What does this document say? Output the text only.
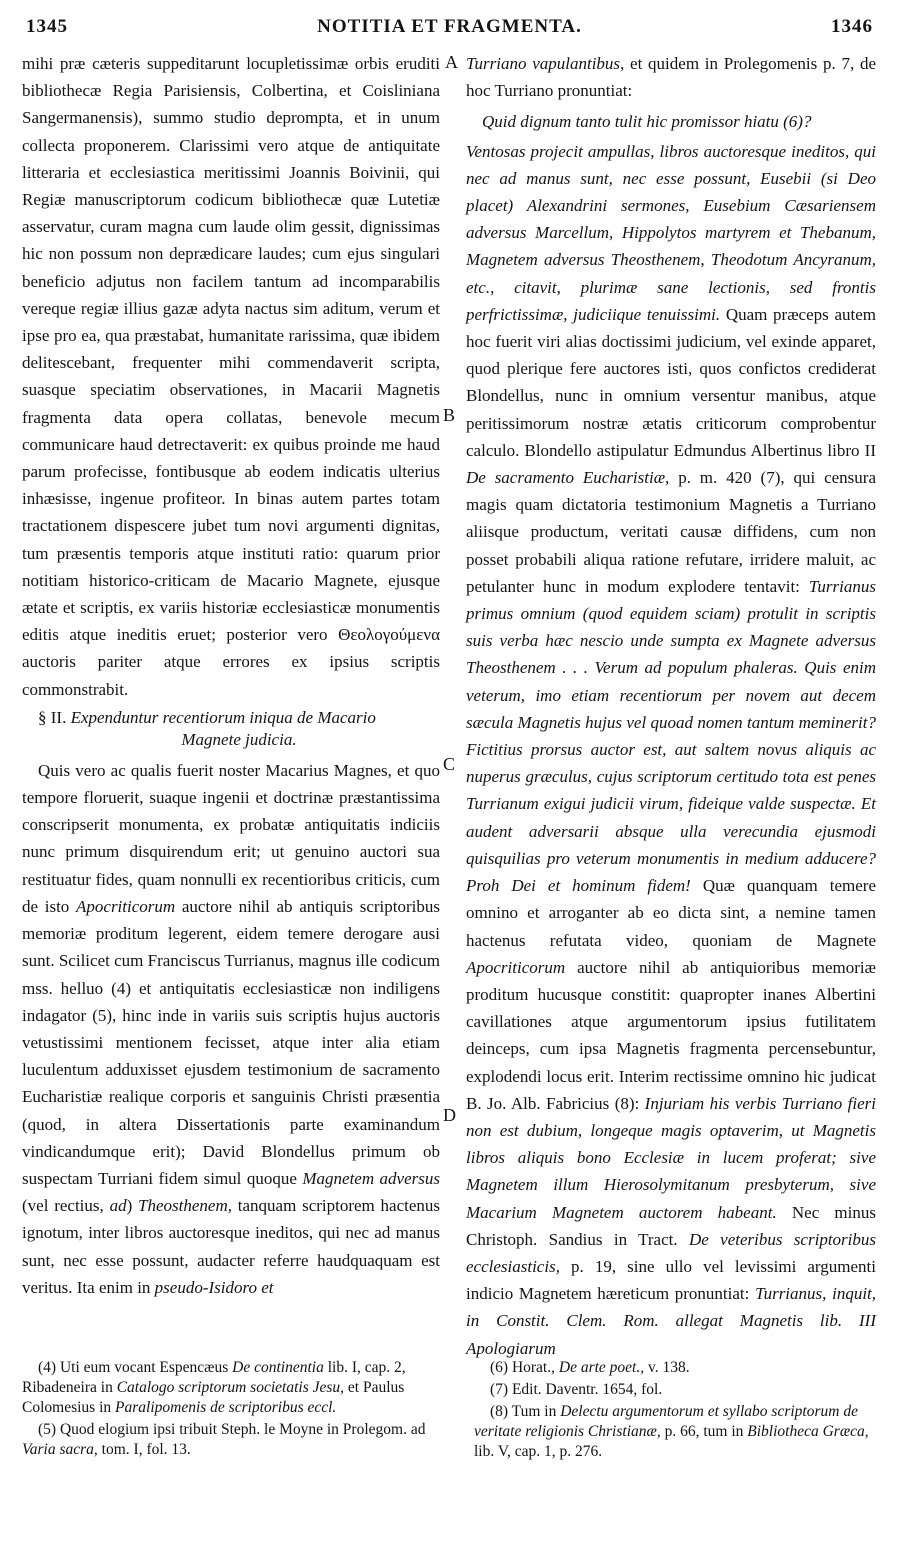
1345	NOTITIA ET FRAGMENTA.	1346
A
B
C
D

mihi præ cæteris suppeditarunt locupletissimæ orbis eruditi bibliothecæ Regia Parisiensis, Colbertina, et Coisliniana Sangermanensis), summo studio deprompta, et in unum collecta proponerem. Clarissimi vero atque de antiquitate litteraria et ecclesiastica meritissimi Joannis Boivinii, qui Regiæ manuscriptorum codicum bibliothecæ quæ Lutetiæ asservatur, curam magna cum laude olim gessit, dignissimas hic non possum non deprædicare laudes; cum ejus singulari beneficio adjutus non facilem tantum ad incomparabilis vereque regiæ illius gazæ adyta nactus sim aditum, verum et ipse pro ea, qua præstabat, humanitate rarissima, quæ ibidem delitescebant, frequenter mihi commendaverit scripta, suasque speciatim observationes, in Macarii Magnetis fragmenta data opera collatas, benevole mecum communicare haud detrectaverit: ex quibus proinde me haud parum profecisse, fontibusque ab eodem indicatis ulterius inhæsisse, ingenue profiteor. In binas autem partes totam tractationem dispescere jubet tum novi argumenti dignitas, tum præsentis temporis atque instituti ratio: quarum prior notitiam historico-criticam de Macario Magnete, ejusque ætate et scriptis, ex variis historiæ ecclesiasticæ monumentis editis atque ineditis eruet; posterior vero Θεολογούμενα auctoris pariter atque errores ex ipsius scriptis commonstrabit.

§ II. Expenduntur recentiorum iniqua de Macario
Magnete judicia.

Quis vero ac qualis fuerit noster Macarius Magnes, et quo tempore floruerit, suaque ingenii et doctrinæ præstantissima conscripserit monumenta, ex probatæ antiquitatis indiciis nunc primum disquirendum erit; ut genuino auctori sua restituatur fides, quam nonnulli ex recentioribus criticis, cum de isto Apocriticorum auctore nihil ab antiquis scriptoribus memoriæ proditum legerent, eidem temere derogare ausi sunt. Scilicet cum Franciscus Turrianus, magnus ille codicum mss. helluo (4) et antiquitatis ecclesiasticæ non indiligens indagator (5), hinc inde in variis suis scriptis hujus auctoris vetustissimi mentionem fecisset, atque inter alia etiam luculentum adduxisset ejusdem testimonium de sacramento Eucharistiæ realique corporis et sanguinis Christi præsentia (quod, in altera Dissertationis parte examinandum vindicandumque erit); David Blondellus primum ob suspectam Turriani fidem simul quoque Magnetem adversus (vel rectius, ad) Theosthenem, tanquam scriptorem hactenus ignotum, inter libros auctoresque ineditos, qui nec ad manus sunt, nec esse possunt, audacter referre haudquaquam est veritus. Ita enim in pseudo-Isidoro et

Turriano vapulantibus, et quidem in Prolegomenis p. 7, de hoc Turriano pronuntiat:

Quid dignum tanto tulit hic promissor hiatu (6)?

Ventosas projecit ampullas, libros auctoresque ineditos, qui nec ad manus sunt, nec esse possunt, Eusebii (si Deo placet) Alexandrini sermones, Eusebium Cæsariensem adversus Marcellum, Hippolytos martyrem et Thebanum, Magnetem adversus Theosthenem, Theodotum Ancyranum, etc., citavit, plurimæ sane lectionis, sed frontis perfrictissimæ, judiciique tenuissimi. Quam præceps autem hoc fuerit viri alias doctissimi judicium, vel exinde apparet, quod plerique fere auctores isti, quos confictos crediderat Blondellus, nunc in omnium versentur manibus, atque peritissimorum nostræ ætatis criticorum comprobentur calculo. Blondello astipulatur Edmundus Albertinus libro II De sacramento Eucharistiæ, p. m. 420 (7), qui censura magis quam dictatoria testimonium Magnetis a Turriano aliisque productum, veritati causæ diffidens, cum non posset probabili aliqua ratione refutare, irridere maluit, ac petulanter hunc in modum explodere tentavit: Turrianus primus omnium (quod equidem sciam) protulit in scriptis suis verba hæc nescio unde sumpta ex Magnete adversus Theosthenem . . . Verum ad populum phaleras. Quis enim veterum, imo etiam recentiorum per novem aut decem sæcula Magnetis hujus vel quoad nomen tantum meminerit? Fictitius prorsus auctor est, aut saltem novus aliquis ac nuperus græculus, cujus scriptorum certitudo tota est penes Turrianum exigui judicii virum, fideique valde suspectæ. Et audent adversarii absque ulla verecundia ejusmodi quisquilias pro veterum monumentis in medium adducere? Proh Dei et hominum fidem! Quæ quanquam temere omnino et arroganter ab eo dicta sint, a nemine tamen hactenus refutata video, quoniam de Magnete Apocriticorum auctore nihil ab antiquioribus memoriæ proditum hucusque constitit: quapropter inanes Albertini cavillationes atque argumentorum ipsius futilitatem deinceps, cum ipsa Magnetis fragmenta percensebuntur, explodendi locus erit. Interim rectissime omnino hic judicat B. Jo. Alb. Fabricius (8): Injuriam his verbis Turriano fieri non est dubium, longeque magis optaverim, ut Magnetis libros aliquis bono Ecclesiæ in lucem proferat; sive Magnetem illum Hierosolymitanum presbyterum, sive Macarium Magnetem auctorem habeant. Nec minus Christoph. Sandius in Tract. De veteribus scriptoribus ecclesiasticis, p. 19, sine ullo vel levissimi argumenti indicio Magnetem hæreticum pronuntiat: Turrianus, inquit, in Constit. Clem. Rom. allegat Magnetis lib. III Apologiarum

(4) Uti eum vocant Espencæus De continentia lib. I, cap. 2, Ribadeneira in Catalogo scriptorum societatis Jesu, et Paulus Colomesius in Paralipomenis de scriptoribus eccl.

(5) Quod elogium ipsi tribuit Steph. le Moyne in Prolegom. ad Varia sacra, tom. I, fol. 13.

(6) Horat., De arte poet., v. 138.

(7) Edit. Daventr. 1654, fol.

(8) Tum in Delectu argumentorum et syllabo scriptorum de veritate religionis Christianæ, p. 66, tum in Bibliotheca Græca, lib. V, cap. 1, p. 276.
